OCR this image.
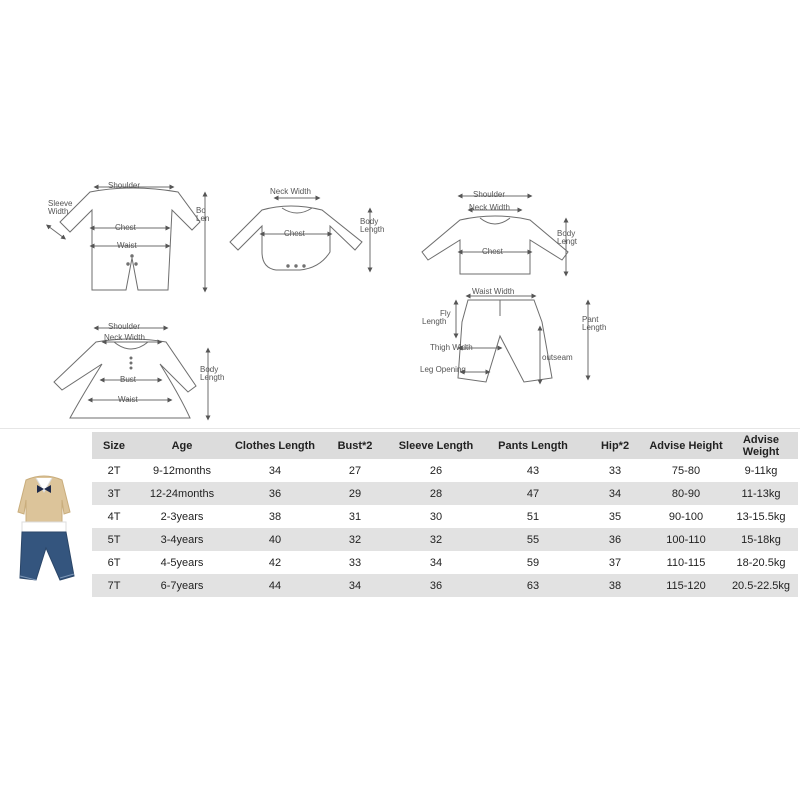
Shoulder
Chest
Waist
Bo
Len
Sleeve
Width
Neck Width
Chest
Body
Length
Shoulder
Neck Width
Chest
Body
Lengt
Shoulder
Neck Width
Bust
Waist
Body
Length
Waist Width
Fly
Length
Thigh Width
outseam
Leg Opening
Pant
Length
Size	Age	Clothes Length	Bust*2	Sleeve Length	Pants Length	Hip*2	Advise Height	Advise Weight
2T	9-12months	34	27	26	43	33	75-80	9-11kg
3T	12-24months	36	29	28	47	34	80-90	11-13kg
4T	2-3years	38	31	30	51	35	90-100	13-15.5kg
5T	3-4years	40	32	32	55	36	100-110	15-18kg
6T	4-5years	42	33	34	59	37	110-115	18-20.5kg
7T	6-7years	44	34	36	63	38	115-120	20.5-22.5kg
